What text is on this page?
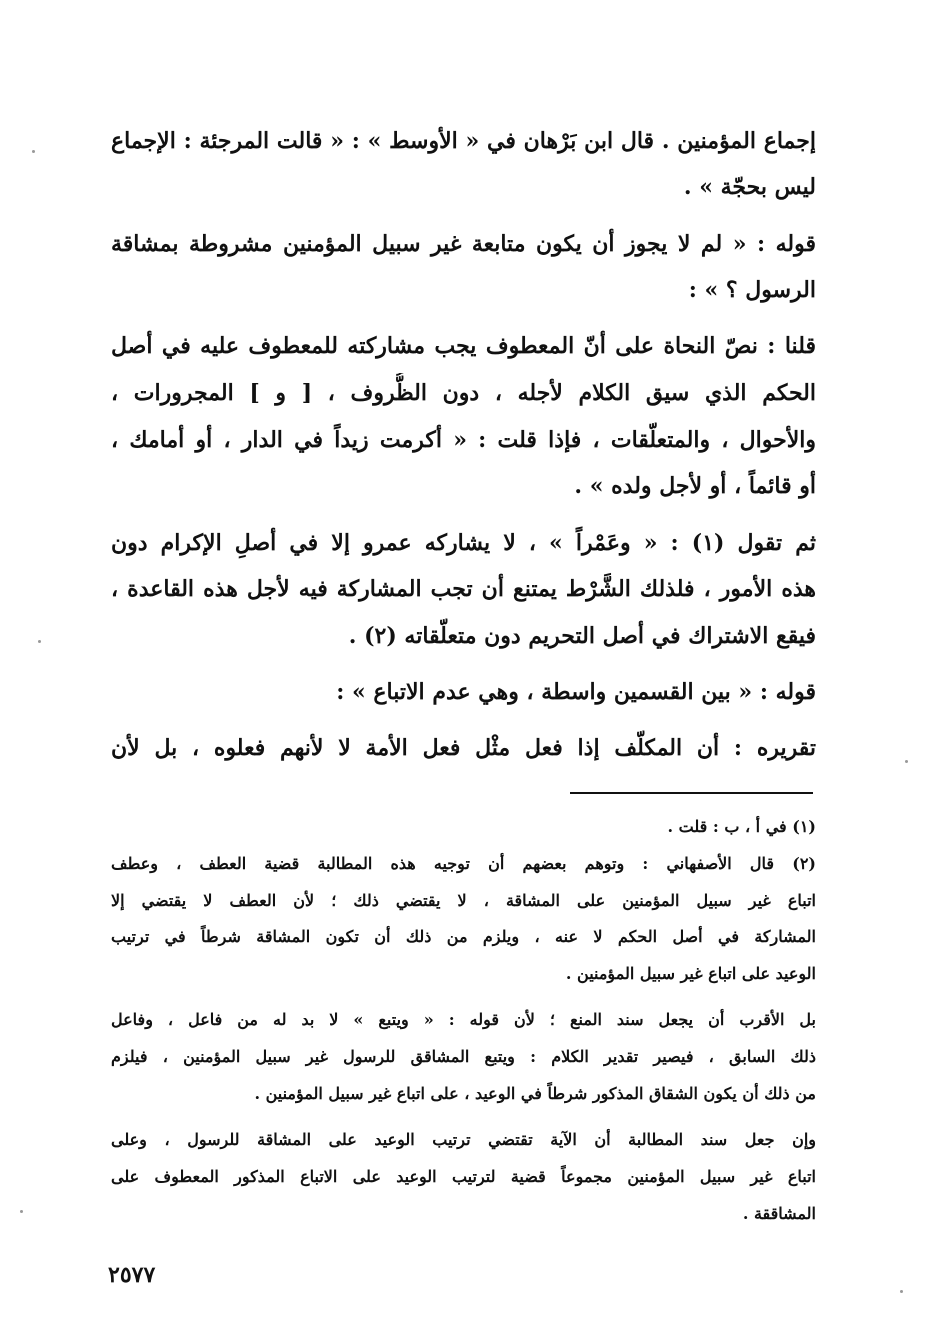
إجماع المؤمنين . قال ابن بَرْهان في « الأوسط » : « قالت المرجئة : الإجماع
ليس بحجّة » .
قوله : « لم لا يجوز أن يكون متابعة غير سبيل المؤمنين مشروطة بمشاقة
الرسول ؟ » :
قلنا : نصّ النحاة على أنّ المعطوف يجب مشاركته للمعطوف عليه في أصل
الحكم الذي سيق الكلام لأجله ، دون الظُّروف ، [ و ] المجرورات ،
والأحوال ، والمتعلّقات ، فإذا قلت : « أكرمت زيداً في الدار ، أو أمامك ،
أو قائماً ، أو لأجل ولده » .
ثم تقول (١) : « وعَمْراً » ، لا يشاركه عمرو إلا في أصلِ الإكرام دون
هذه الأمور ، فلذلك الشَّرْط يمتنع أن تجب المشاركة فيه لأجل هذه القاعدة ،
فيقع الاشتراك في أصل التحريم دون متعلّقاته (٢) .
قوله : « بين القسمين واسطة ، وهي عدم الاتباع » :
تقريره : أن المكلّف إذا فعل مثْل فعل الأمة لا لأنهم فعلوه ، بل لأن
(١) في أ ، ب : قلت .
(٢) قال الأصفهاني : وتوهم بعضهم أن توجيه هذه المطالبة قضية العطف ، وعطف
اتباع غير سبيل المؤمنين على المشاقة ، لا يقتضي ذلك ؛ لأن العطف لا يقتضي إلا
المشاركة في أصل الحكم لا عنه ، ويلزم من ذلك أن تكون المشاقة شرطاً في ترتيب
الوعيد على اتباع غير سبيل المؤمنين .
بل الأقرب أن يجعل سند المنع ؛ لأن قوله : « ويتبع » لا بد له من فاعل ، وفاعل
ذلك السابق ، فيصير تقدير الكلام : ويتبع المشاقق للرسول غير سبيل المؤمنين ، فيلزم
من ذلك أن يكون الشقاق المذكور شرطاً في الوعيد ، على اتباع غير سبيل المؤمنين .
وإن جعل سند المطالبة أن الآية تقتضي ترتيب الوعيد على المشاقة للرسول ، وعلى
اتباع غير سبيل المؤمنين مجموعاً قضية لترتيب الوعيد على الاتباع المذكور المعطوف على
المشاققة .
٢٥٧٧
